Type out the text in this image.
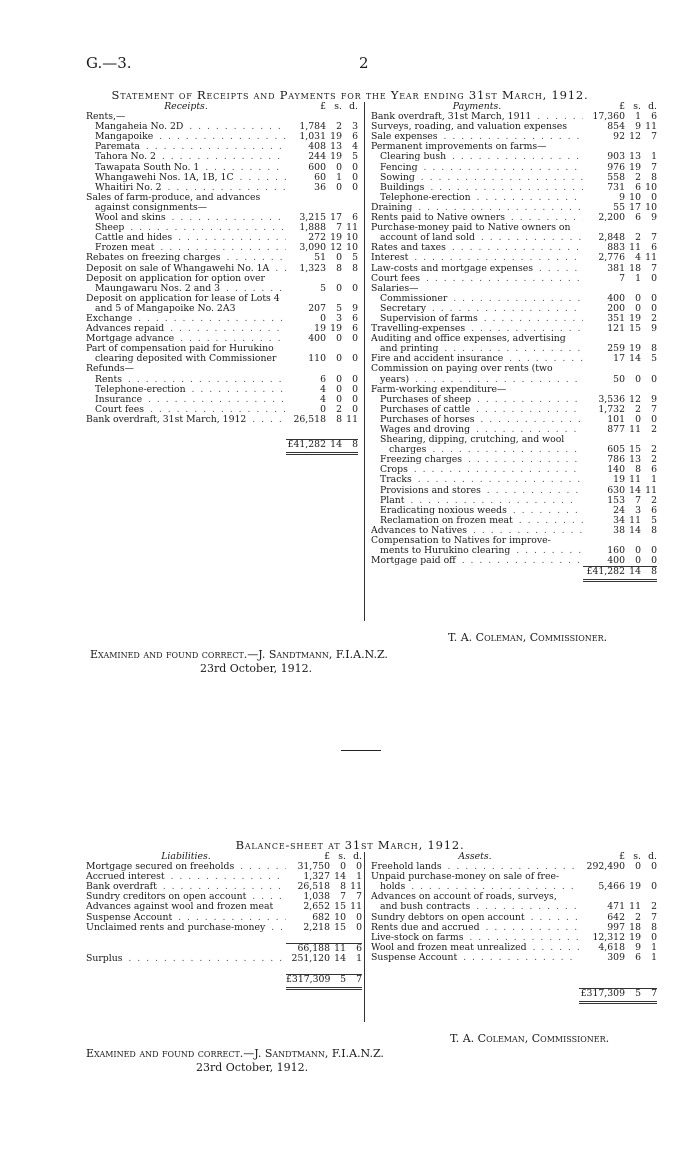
G.—3.	2
Statement of Receipts and Payments for the Year ending 31st March, 1912.
Receipts.	£	s.	d.

Rents,—			

Mangaheia No. 2D . .	1,784	2	3

Mangapoike . .	1,031	19	6

Paremata . .	408	13	4

Tahora No. 2 . .	244	19	5

Tawapata South No. 1 . .	600	0	0

Whangawehi Nos. 1A, 1B, 1C . .	60	1	0

Whaitiri No. 2 . .	36	0	0

Sales of farm-produce, and advances			

against consignments—			

Wool and skins . .	3,215	17	6

Sheep . .	1,888	7	11

Cattle and hides . .	272	19	10

Frozen meat . .	3,090	12	10

Rebates on freezing charges . .	51	0	5

Deposit on sale of Whangawehi No. 1A . .	1,323	8	8

Deposit on application for option over			

Maungawaru Nos. 2 and 3 . .	5	0	0

Deposit on application for lease of Lots 4			

and 5 of Mangapoike No. 2A3	207	5	9

Exchange . .	0	3	6

Advances repaid . .	19	19	6

Mortgage advance . .	400	0	0

Part of compensation paid for Hurukino			

clearing deposited with Commissioner	110	0	0

Refunds—			

Rents . .	6	0	0

Telephone-erection . .	4	0	0

Insurance . .	4	0	0

Court fees . .	0	2	0

Bank overdraft, 31st March, 1912 . .	26,518	8	11

	£41,282	14	8
Payments.	£	s.	d.

Bank overdraft, 31st March, 1911 . .	17,360	1	6

Surveys, roading, and valuation expenses	854	9	11

Sale expenses . .	92	12	7

Permanent improvements on farms—			

Clearing bush . .	903	13	1

Fencing . .	976	19	7

Sowing . .	558	2	8

Buildings . .	731	6	10

Telephone-erection . .	9	10	0

Draining . .	55	17	10

Rents paid to Native owners . .	2,200	6	9

Purchase-money paid to Native owners on			

account of land sold . .	2,848	2	7

Rates and taxes . .	883	11	6

Interest . .	2,776	4	11

Law-costs and mortgage expenses . .	381	18	7

Court fees . .	7	1	0

Salaries—			

Commissioner . .	400	0	0

Secretary . .	200	0	0

Supervision of farms . .	351	19	2

Travelling-expenses . .	121	15	9

Auditing and office expenses, advertising			

and printing . .	259	19	8

Fire and accident insurance . .	17	14	5

Commission on paying over rents (two			

years) . .	50	0	0

Farm-working expenditure—			

Purchases of sheep . .	3,536	12	9

Purchases of cattle . .	1,732	2	7

Purchases of horses . .	101	0	0

Wages and droving . .	877	11	2

Shearing, dipping, crutching, and wool			

charges . .	605	15	2

Freezing charges . .	786	13	2

Crops . .	140	8	6

Tracks . .	19	11	1

Provisions and stores . .	630	14	11

Plant . .	153	7	2

Eradicating noxious weeds . .	24	3	6

Reclamation on frozen meat . .	34	11	5

Advances to Natives . .	38	14	8

Compensation to Natives for improve-			

ments to Hurukino clearing . .	160	0	0

Mortgage paid off . .	400	0	0
	£41,282	14	8
T. A. Coleman, Commissioner.
Examined and found correct.—J. Sandtmann, F.I.A.N.Z.
23rd October, 1912.
Balance-sheet at 31st March, 1912.
Liabilities.	£	s.	d.

Mortgage secured on freeholds . .	31,750	0	0

Accrued interest . .	1,327	14	1

Bank overdraft . .	26,518	8	11

Sundry creditors on open account . .	1,038	7	7

Advances against wool and frozen meat	2,652	15	11

Suspense Account . .	682	10	0

Unclaimed rents and purchase-money . .	2,218	15	0

	66,188	11	6

Surplus . .	251,120	14	1

	£317,309	5	7
Assets.	£	s.	d.

Freehold lands . .	292,490	0	0

Unpaid purchase-money on sale of free-			

holds . .	5,466	19	0

Advances on account of roads, surveys,			

and bush contracts . .	471	11	2

Sundry debtors on open account . .	642	2	7

Rents due and accrued . .	997	18	8

Live-stock on farms . .	12,312	19	0

Wool and frozen meat unrealized . .	4,618	9	1

Suspense Account . .	309	6	1

	£317,309	5	7
T. A. Coleman, Commissioner.
Examined and found correct.—J. Sandtmann, F.I.A.N.Z.
23rd October, 1912.
